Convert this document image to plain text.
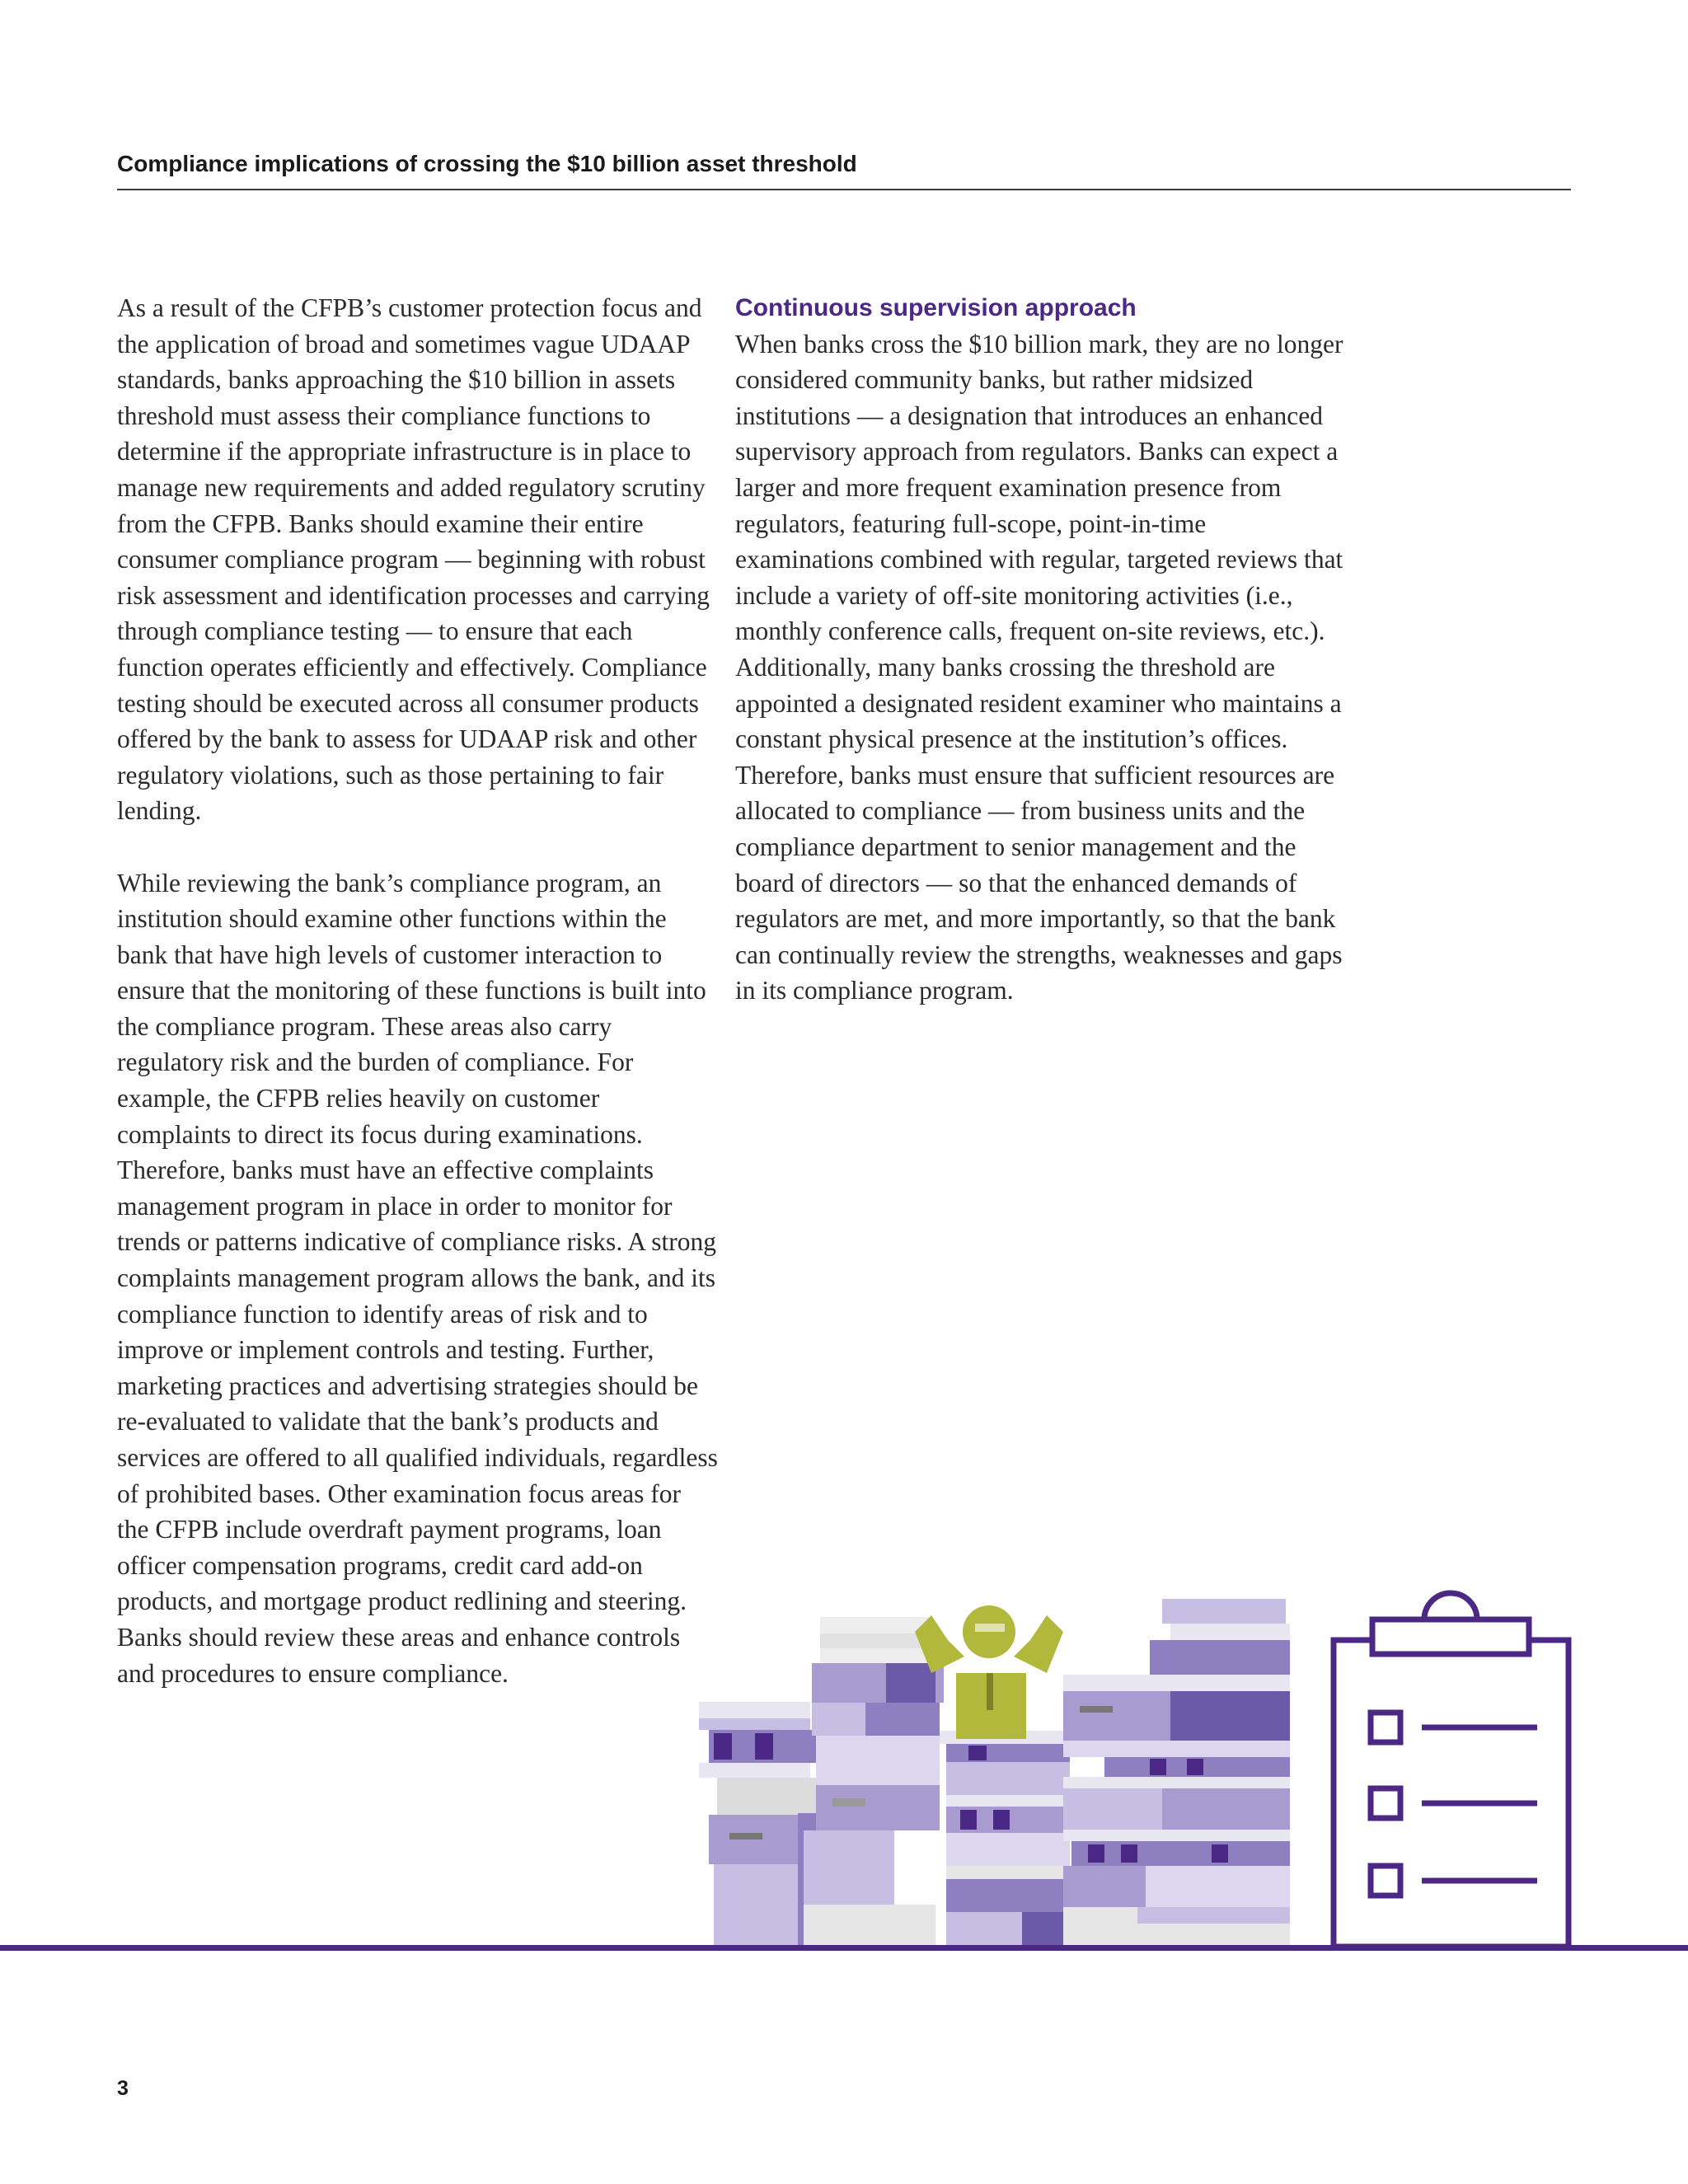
Compliance implications of crossing the $10 billion asset threshold

As a result of the CFPB’s customer protection focus and the application of broad and sometimes vague UDAAP standards, banks approaching the $10 billion in assets threshold must assess their compliance functions to determine if the appropriate infrastructure is in place to manage new requirements and added regulatory scrutiny from the CFPB. Banks should examine their entire consumer compliance program — beginning with robust risk assessment and identification processes and carrying through compliance testing — to ensure that each function operates efficiently and effectively. Compliance testing should be executed across all consumer products offered by the bank to assess for UDAAP risk and other regulatory violations, such as those pertaining to fair lending.

While reviewing the bank’s compliance program, an institution should examine other functions within the bank that have high levels of customer interaction to ensure that the monitoring of these functions is built into the compliance program. These areas also carry regulatory risk and the burden of compliance. For example, the CFPB relies heavily on customer complaints to direct its focus during examinations. Therefore, banks must have an effective complaints management program in place in order to monitor for trends or patterns indicative of compliance risks. A strong complaints management program allows the bank, and its compliance function to identify areas of risk and to improve or implement controls and testing. Further, marketing practices and advertising strategies should be re-evaluated to validate that the bank’s products and services are offered to all qualified individuals, regardless of prohibited bases. Other examination focus areas for the CFPB include overdraft payment programs, loan officer compensation programs, credit card add-on products, and mortgage product redlining and steering. Banks should review these areas and enhance controls and procedures to ensure compliance.

Continuous supervision approach

When banks cross the $10 billion mark, they are no longer considered community banks, but rather midsized institutions — a designation that introduces an enhanced supervisory approach from regulators. Banks can expect a larger and more frequent examination presence from regulators, featuring full-scope, point-in-time examinations combined with regular, targeted reviews that include a variety of off-site monitoring activities (i.e., monthly conference calls, frequent on-site reviews, etc.). Additionally, many banks crossing the threshold are appointed a designated resident examiner who maintains a constant physical presence at the institution’s offices. Therefore, banks must ensure that sufficient resources are allocated to compliance — from business units and the compliance department to senior management and the board of directors — so that the enhanced demands of regulators are met, and more importantly, so that the bank can continually review the strengths, weaknesses and gaps in its compliance program.

3
